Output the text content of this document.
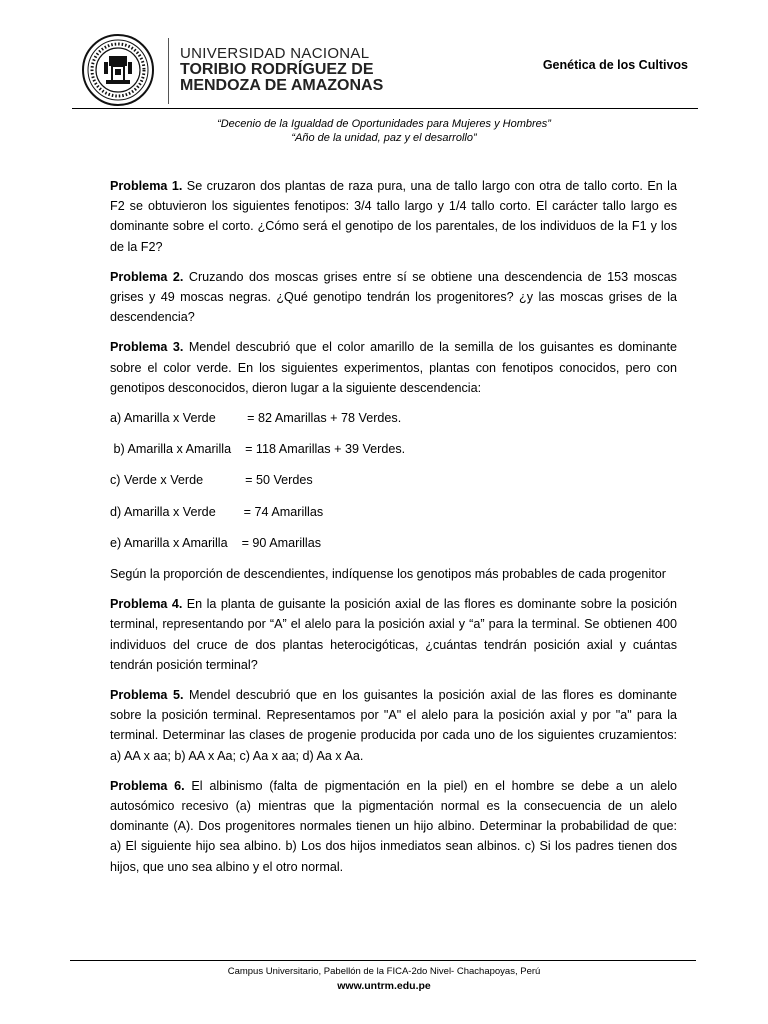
UNIVERSIDAD NACIONAL
TORIBIO RODRÍGUEZ DE
MENDOZA DE AMAZONAS
Genética de los Cultivos
“Decenio de la Igualdad de Oportunidades para Mujeres y Hombres”
“Año de la unidad, paz y el desarrollo”

Problema 1. Se cruzaron dos plantas de raza pura, una de tallo largo con otra de tallo corto. En la F2 se obtuvieron los siguientes fenotipos: 3/4 tallo largo y 1/4 tallo corto. El carácter tallo largo es dominante sobre el corto. ¿Cómo será el genotipo de los parentales, de los individuos de la F1 y los de la F2?

Problema 2. Cruzando dos moscas grises entre sí se obtiene una descendencia de 153 moscas grises y 49 moscas negras. ¿Qué genotipo tendrán los progenitores? ¿y las moscas grises de la descendencia?

Problema 3. Mendel descubrió que el color amarillo de la semilla de los guisantes es dominante sobre el color verde. En los siguientes experimentos, plantas con fenotipos conocidos, pero con genotipos desconocidos, dieron lugar a la siguiente descendencia:

a) Amarilla x Verde         = 82 Amarillas + 78 Verdes.

b) Amarilla x Amarilla    = 118 Amarillas + 39 Verdes.

c) Verde x Verde            = 50 Verdes

d) Amarilla x Verde        = 74 Amarillas

e) Amarilla x Amarilla    = 90 Amarillas

Según la proporción de descendientes, indíquense los genotipos más probables de cada progenitor

Problema 4. En la planta de guisante la posición axial de las flores es dominante sobre la posición terminal, representando por “A” el alelo para la posición axial y “a” para la terminal. Se obtienen 400 individuos del cruce de dos plantas heterocigóticas, ¿cuántas tendrán posición axial y cuántas tendrán posición terminal?

Problema 5. Mendel descubrió que en los guisantes la posición axial de las flores es dominante sobre la posición terminal. Representamos por "A" el alelo para la posición axial y por "a" para la terminal. Determinar las clases de progenie producida por cada uno de los siguientes cruzamientos: a) AA x aa; b) AA x Aa; c) Aa x aa; d) Aa x Aa.

Problema 6. El albinismo (falta de pigmentación en la piel) en el hombre se debe a un alelo autosómico recesivo (a) mientras que la pigmentación normal es la consecuencia de un alelo dominante (A). Dos progenitores normales tienen un hijo albino. Determinar la probabilidad de que: a) El siguiente hijo sea albino. b) Los dos hijos inmediatos sean albinos. c) Si los padres tienen dos hijos, que uno sea albino y el otro normal.

Campus Universitario, Pabellón de la FICA-2do Nivel- Chachapoyas, Perú
www.untrm.edu.pe
